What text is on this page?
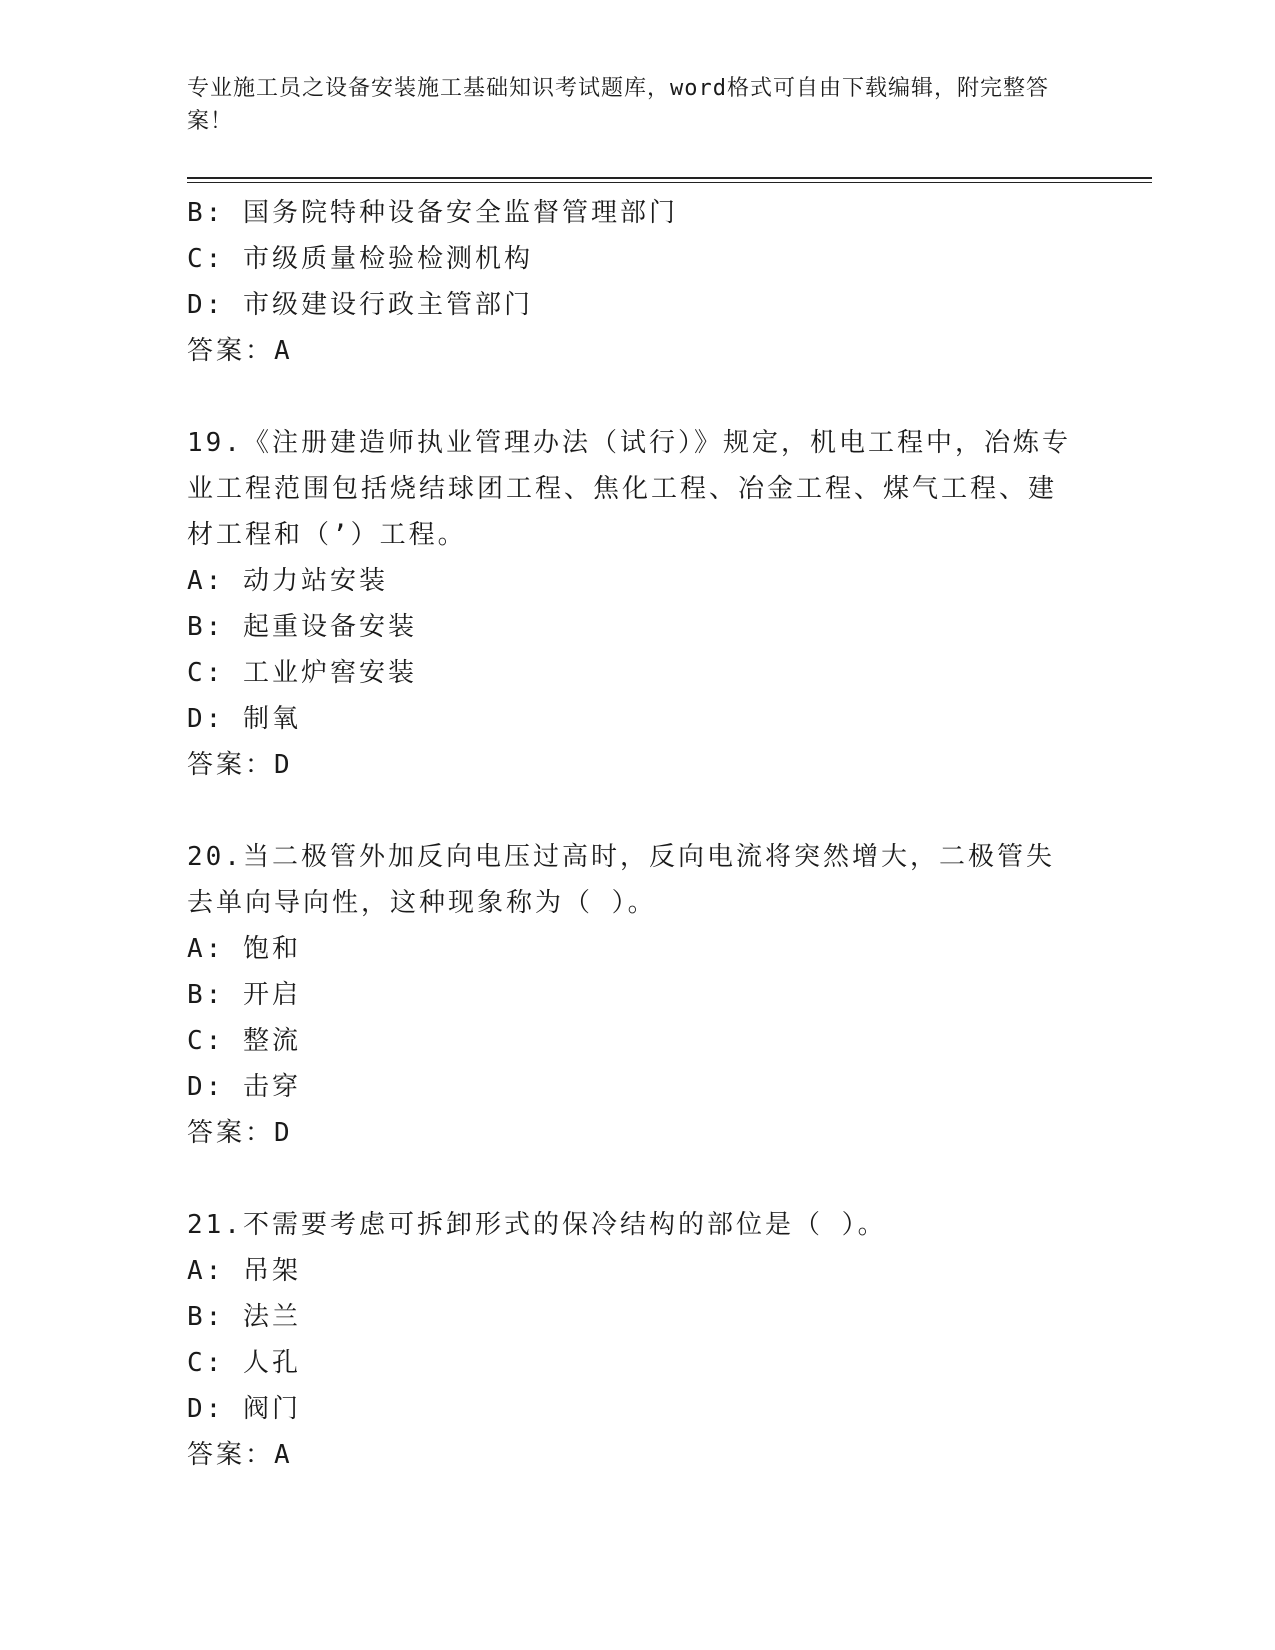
专业施工员之设备安装施工基础知识考试题库，word格式可自由下载编辑，附完整答案！
B: 国务院特种设备安全监督管理部门
C: 市级质量检验检测机构
D: 市级建设行政主管部门
答案：A
19.《注册建造师执业管理办法（试行）》规定，机电工程中，冶炼专业工程范围包括烧结球团工程、焦化工程、冶金工程、煤气工程、建材工程和（’）工程。
A: 动力站安装
B: 起重设备安装
C: 工业炉窖安装
D: 制氧
答案：D
20.当二极管外加反向电压过高时，反向电流将突然增大，二极管失去单向导向性，这种现象称为（ ）。
A: 饱和
B: 开启
C: 整流
D: 击穿
答案：D
21.不需要考虑可拆卸形式的保冷结构的部位是（ ）。
A: 吊架
B: 法兰
C: 人孔
D: 阀门
答案：A
